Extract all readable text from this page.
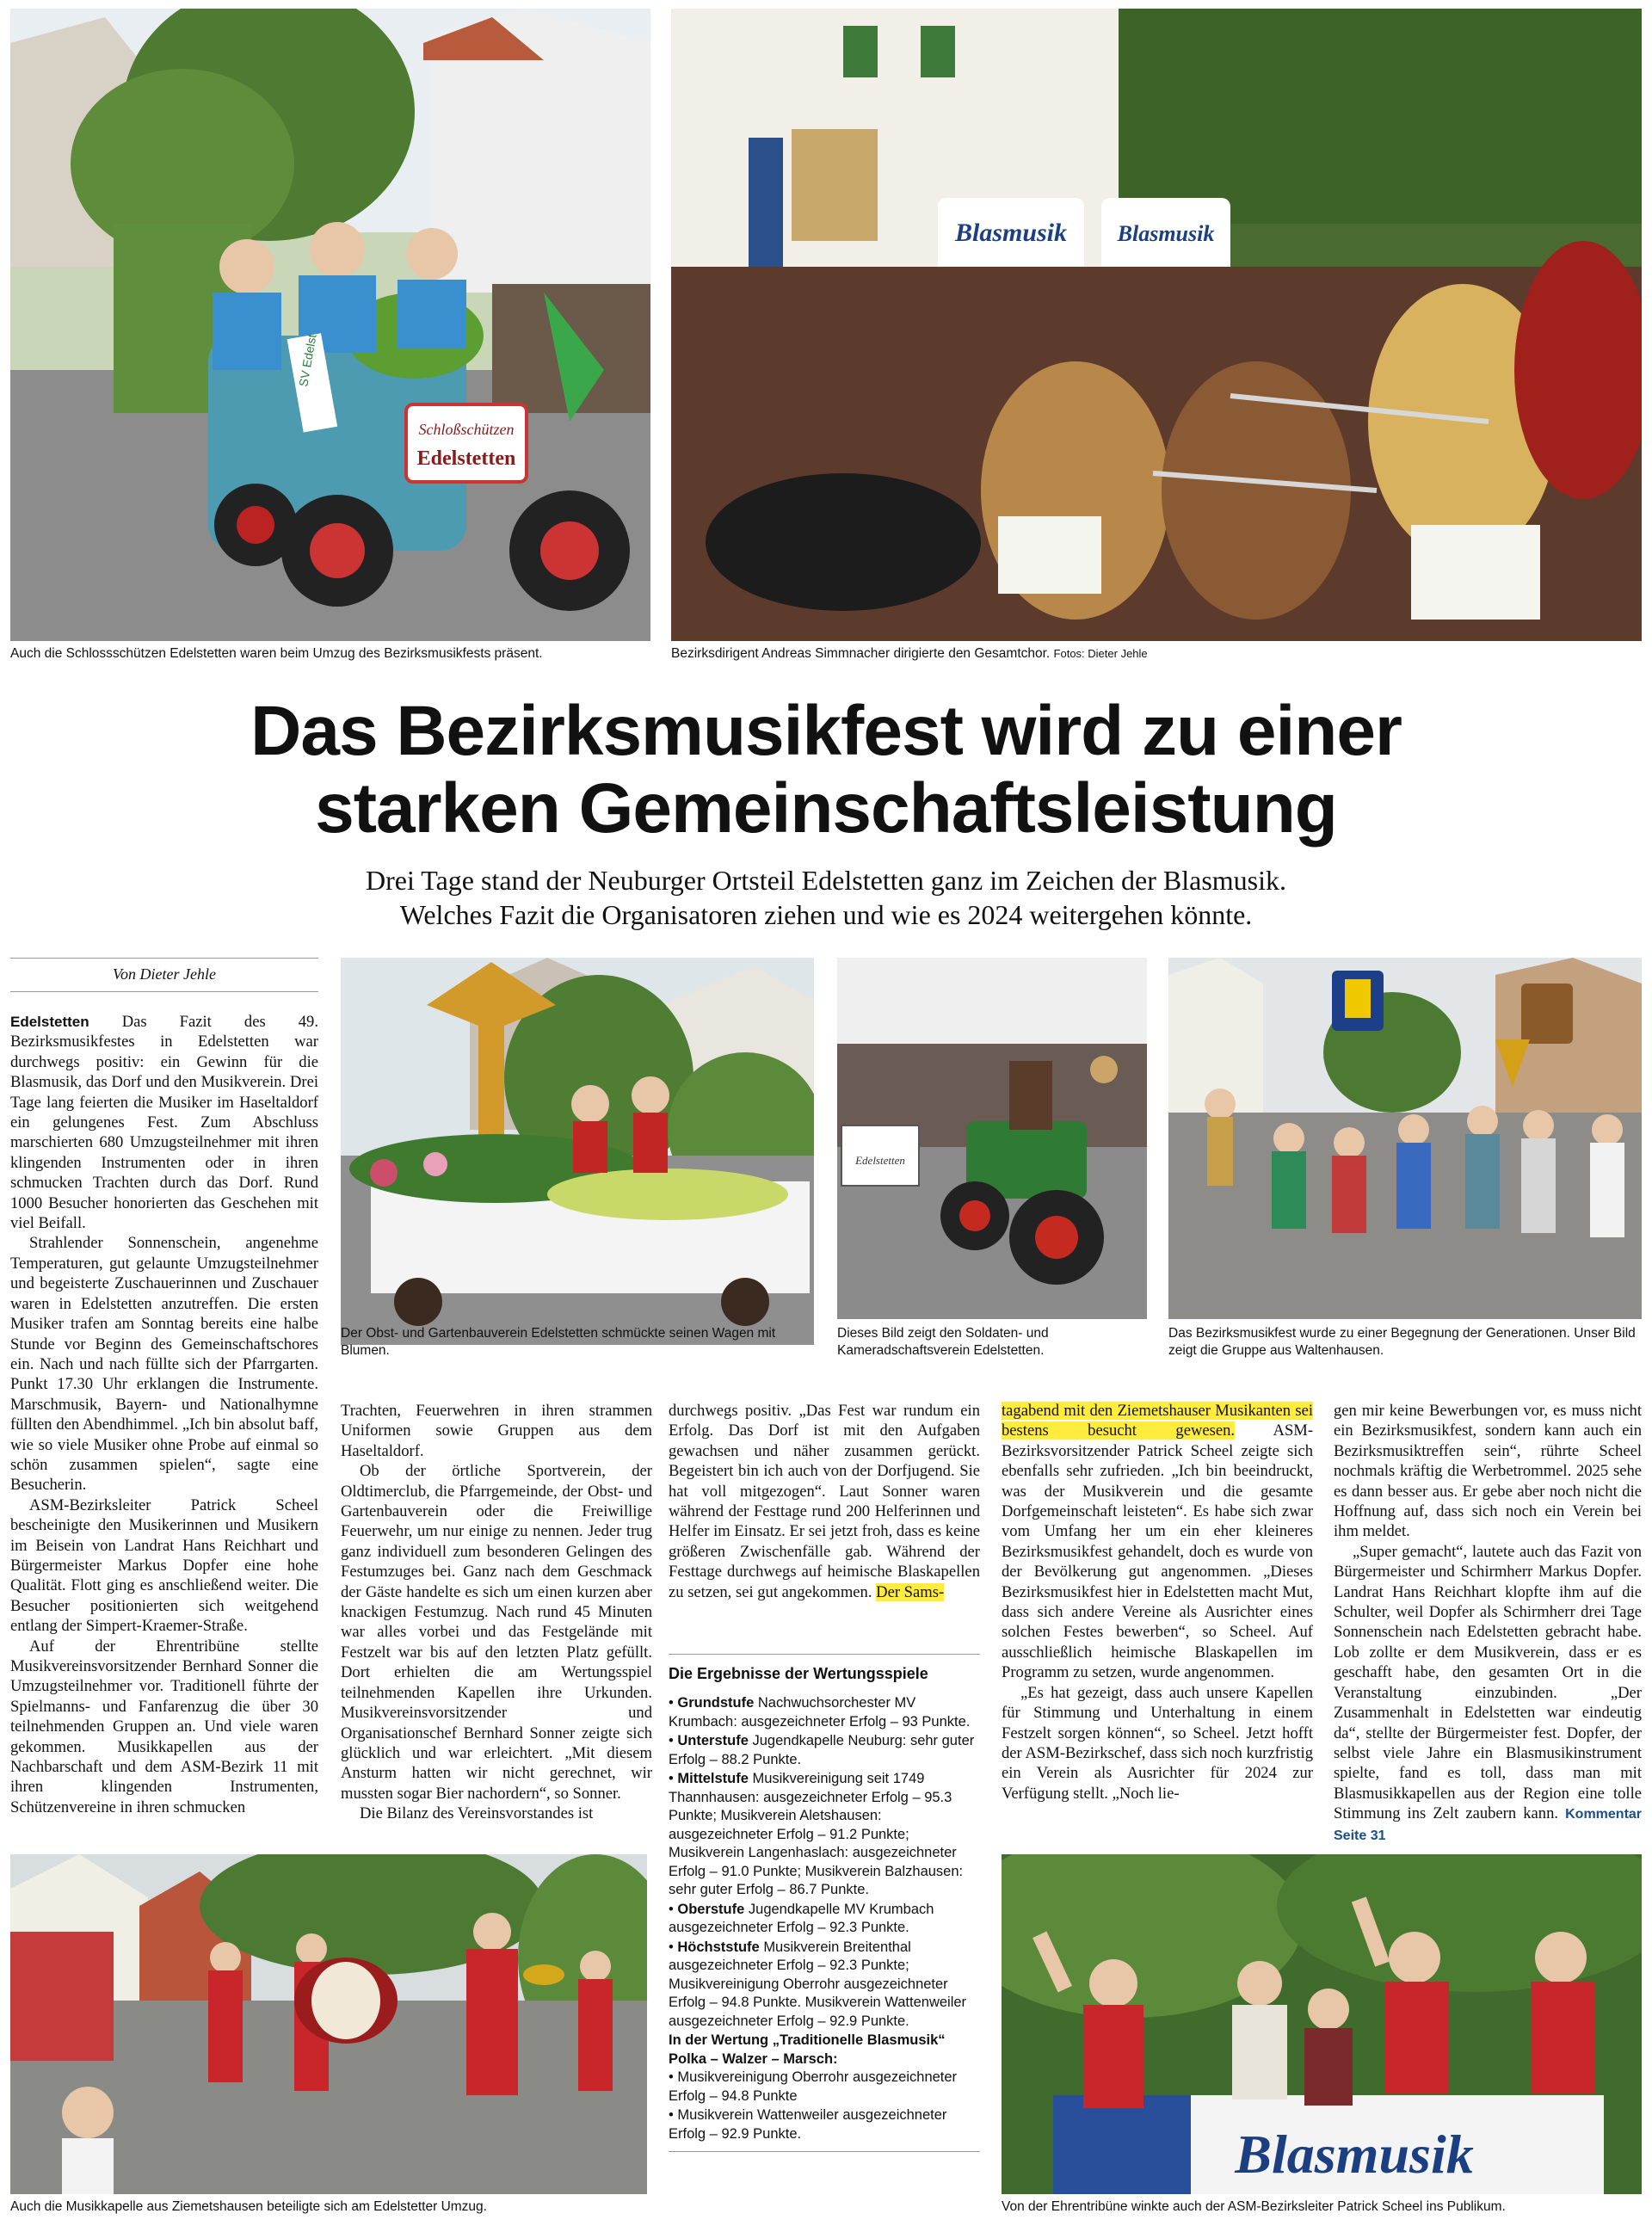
Schloßschützen
Edelstetten
SV Edelst
Blasmusik Blasmusik
Auch die Schlossschützen Edelstetten waren beim Umzug des Bezirksmusikfests präsent.	Bezirksdirigent Andreas Simmnacher dirigierte den Gesamtchor. Fotos: Dieter Jehle
Das Bezirksmusikfest wird zu einer
starken Gemeinschaftsleistung
Drei Tage stand der Neuburger Ortsteil Edelstetten ganz im Zeichen der Blasmusik.
Welches Fazit die Organisatoren ziehen und wie es 2024 weitergehen könnte.
Von Dieter Jehle

Edelstetten Das Fazit des 49. Bezirksmusikfestes in Edelstetten war durchwegs positiv: ein Gewinn für die Blasmusik, das Dorf und den Musikverein. Drei Tage lang feierten die Musiker im Haseltaldorf ein gelungenes Fest. Zum Abschluss marschierten 680 Umzugsteilnehmer mit ihren klingenden Instrumenten oder in ihren schmucken Trachten durch das Dorf. Rund 1000 Besucher honorierten das Geschehen mit viel Beifall.

Strahlender Sonnenschein, angenehme Temperaturen, gut gelaunte Umzugsteilnehmer und begeisterte Zuschauerinnen und Zuschauer waren in Edelstetten anzutreffen. Die ersten Musiker trafen am Sonntag bereits eine halbe Stunde vor Beginn des Gemeinschaftschores ein. Nach und nach füllte sich der Pfarrgarten. Punkt 17.30 Uhr erklangen die Instrumente. Marschmusik, Bayern- und Nationalhymne füllten den Abendhimmel. „Ich bin absolut baff, wie so viele Musiker ohne Probe auf einmal so schön zusammen spielen“, sagte eine Besucherin.

ASM-Bezirksleiter Patrick Scheel bescheinigte den Musikerinnen und Musikern im Beisein von Landrat Hans Reichhart und Bürgermeister Markus Dopfer eine hohe Qualität. Flott ging es anschließend weiter. Die Besucher positionierten sich weitgehend entlang der Simpert-Kraemer-Straße.

Auf der Ehrentribüne stellte Musikvereinsvorsitzender Bernhard Sonner die Umzugsteilnehmer vor. Traditionell führte der Spielmanns- und Fanfarenzug die über 30 teilnehmenden Gruppen an. Und viele waren gekommen. Musikkapellen aus der Nachbarschaft und dem ASM-Bezirk 11 mit ihren klingenden Instrumenten, Schützenvereine in ihren schmucken

Edelstetten
Der Obst- und Gartenbauverein Edelstetten schmückte seinen Wagen mit Blumen.
Dieses Bild zeigt den Soldaten- und Kameradschaftsverein Edelstetten.
Das Bezirksmusikfest wurde zu einer Begegnung der Generationen. Unser Bild zeigt die Gruppe aus Waltenhausen.

Trachten, Feuerwehren in ihren strammen Uniformen sowie Gruppen aus dem Haseltaldorf.

Ob der örtliche Sportverein, der Oldtimerclub, die Pfarrgemeinde, der Obst- und Gartenbauverein oder die Freiwillige Feuerwehr, um nur einige zu nennen. Jeder trug ganz individuell zum besonderen Gelingen des Festumzuges bei. Ganz nach dem Geschmack der Gäste handelte es sich um einen kurzen aber knackigen Festumzug. Nach rund 45 Minuten war alles vorbei und das Festgelände mit Festzelt war bis auf den letzten Platz gefüllt. Dort erhielten die am Wertungsspiel teilnehmenden Kapellen ihre Urkunden. Musikvereinsvorsitzender und Organisationschef Bernhard Sonner zeigte sich glücklich und war erleichtert. „Mit diesem Ansturm hatten wir nicht gerechnet, wir mussten sogar Bier nachordern“, so Sonner.

Die Bilanz des Vereinsvorstandes ist

durchwegs positiv. „Das Fest war rundum ein Erfolg. Das Dorf ist mit den Aufgaben gewachsen und näher zusammen gerückt. Begeistert bin ich auch von der Dorfjugend. Sie hat voll mitgezogen“. Laut Sonner waren während der Festtage rund 200 Helferinnen und Helfer im Einsatz. Er sei jetzt froh, dass es keine größeren Zwischenfälle gab. Während der Festtage durchwegs auf heimische Blaskapellen zu setzen, sei gut angekommen. Der Sams-

Die Ergebnisse der Wertungsspiele
• Grundstufe Nachwuchsorchester MV Krumbach: ausgezeichneter Erfolg – 93 Punkte.
• Unterstufe Jugendkapelle Neuburg: sehr guter Erfolg – 88.2 Punkte.
• Mittelstufe Musikvereinigung seit 1749 Thannhausen: ausgezeichneter Erfolg – 95.3 Punkte; Musikverein Aletshausen: ausgezeichneter Erfolg – 91.2 Punkte; Musikverein Langenhaslach: ausgezeichneter Erfolg – 91.0 Punkte; Musikverein Balzhausen: sehr guter Erfolg – 86.7 Punkte.
• Oberstufe Jugendkapelle MV Krumbach ausgezeichneter Erfolg – 92.3 Punkte.
• Höchststufe Musikverein Breitenthal ausgezeichneter Erfolg – 92.3 Punkte; Musikvereinigung Oberrohr ausgezeichneter Erfolg – 94.8 Punkte. Musikverein Wattenweiler ausgezeichneter Erfolg – 92.9 Punkte.
In der Wertung „Traditionelle Blasmusik“
Polka – Walzer – Marsch:
• Musikvereinigung Oberrohr ausgezeichneter Erfolg – 94.8 Punkte
• Musikverein Wattenweiler ausgezeichneter Erfolg – 92.9 Punkte.

tagabend mit den Ziemetshauser Musikanten sei bestens besucht gewesen. ASM-Bezirksvorsitzender Patrick Scheel zeigte sich ebenfalls sehr zufrieden. „Ich bin beeindruckt, was der Musikverein und die gesamte Dorfgemeinschaft leisteten“. Es habe sich zwar vom Umfang her um ein eher kleineres Bezirksmusikfest gehandelt, doch es wurde von der Bevölkerung gut angenommen. „Dieses Bezirksmusikfest hier in Edelstetten macht Mut, dass sich andere Vereine als Ausrichter eines solchen Festes bewerben“, so Scheel. Auf ausschließlich heimische Blaskapellen im Programm zu setzen, wurde angenommen.

„Es hat gezeigt, dass auch unsere Kapellen für Stimmung und Unterhaltung in einem Festzelt sorgen können“, so Scheel. Jetzt hofft der ASM-Bezirkschef, dass sich noch kurzfristig ein Verein als Ausrichter für 2024 zur Verfügung stellt. „Noch lie-

gen mir keine Bewerbungen vor, es muss nicht ein Bezirksmusikfest, sondern kann auch ein Bezirksmusiktreffen sein“, rührte Scheel nochmals kräftig die Werbetrommel. 2025 sehe es dann besser aus. Er gebe aber noch nicht die Hoffnung auf, dass sich noch ein Verein bei ihm meldet.

„Super gemacht“, lautete auch das Fazit von Bürgermeister und Schirmherr Markus Dopfer. Landrat Hans Reichhart klopfte ihm auf die Schulter, weil Dopfer als Schirmherr drei Tage Sonnenschein nach Edelstetten gebracht habe. Lob zollte er dem Musikverein, dass er es geschafft habe, den gesamten Ort in die Veranstaltung einzubinden. „Der Zusammenhalt in Edelstetten war eindeutig da“, stellte der Bürgermeister fest. Dopfer, der selbst viele Jahre ein Blasmusikinstrument spielte, fand es toll, dass man mit Blasmusikkapellen aus der Region eine tolle Stimmung ins Zelt zaubern kann. Kommentar Seite 31

Blasmusik
Auch die Musikkapelle aus Ziemetshausen beteiligte sich am Edelstetter Umzug.	Von der Ehrentribüne winkte auch der ASM-Bezirksleiter Patrick Scheel ins Publikum.
